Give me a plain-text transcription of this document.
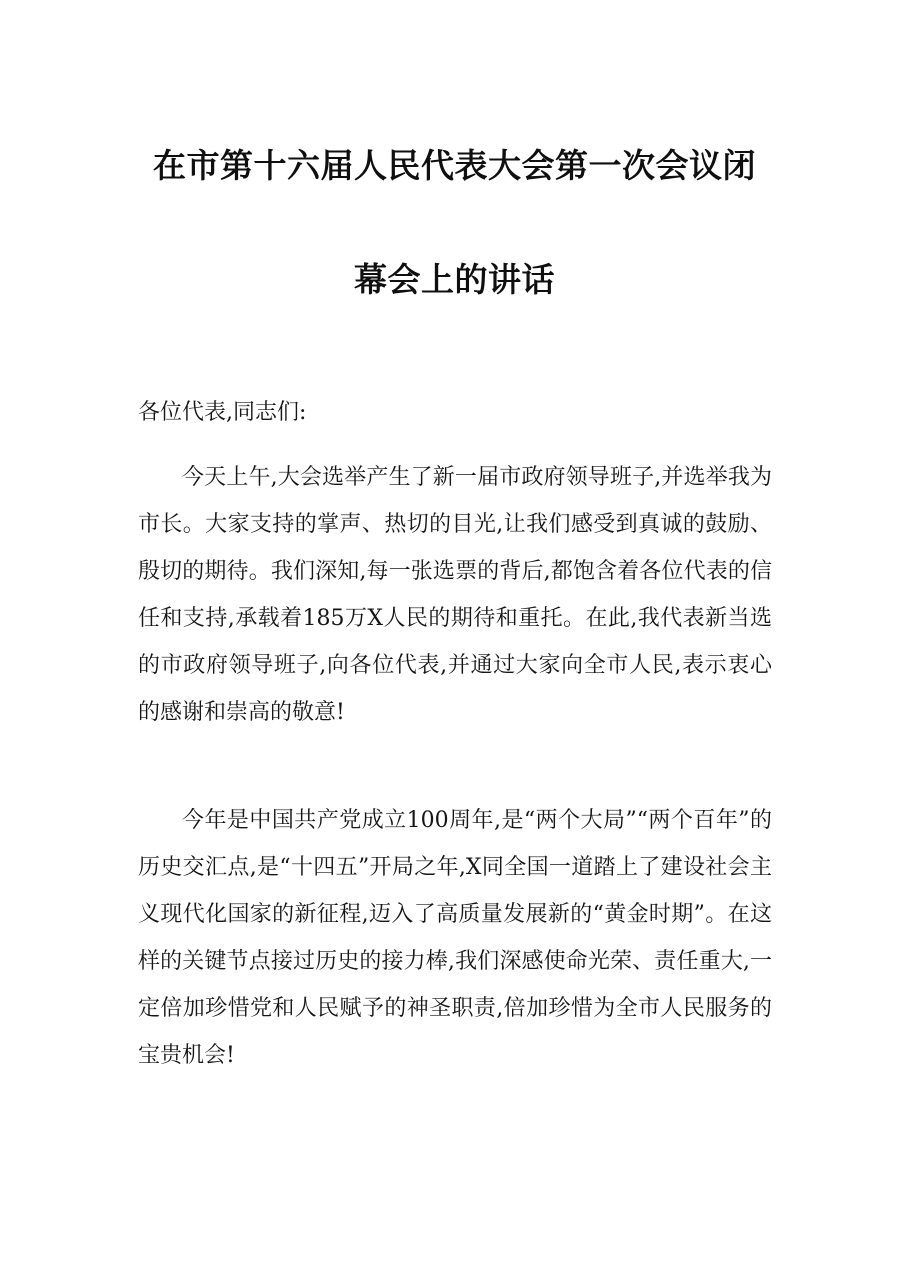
在市第十六届人民代表大会第一次会议闭
幕会上的讲话
各位代表,同志们:

今天上午,大会选举产生了新一届市政府领导班子,并选举我为市长。大家支持的掌声、热切的目光,让我们感受到真诚的鼓励、殷切的期待。我们深知,每一张选票的背后,都饱含着各位代表的信任和支持,承载着185万X人民的期待和重托。在此,我代表新当选的市政府领导班子,向各位代表,并通过大家向全市人民,表示衷心的感谢和崇高的敬意!

今年是中国共产党成立100周年,是“两个大局”“两个百年”的历史交汇点,是“十四五”开局之年,X同全国一道踏上了建设社会主义现代化国家的新征程,迈入了高质量发展新的“黄金时期”。在这样的关键节点接过历史的接力棒,我们深感使命光荣、责任重大,一定倍加珍惜党和人民赋予的神圣职责,倍加珍惜为全市人民服务的宝贵机会!
